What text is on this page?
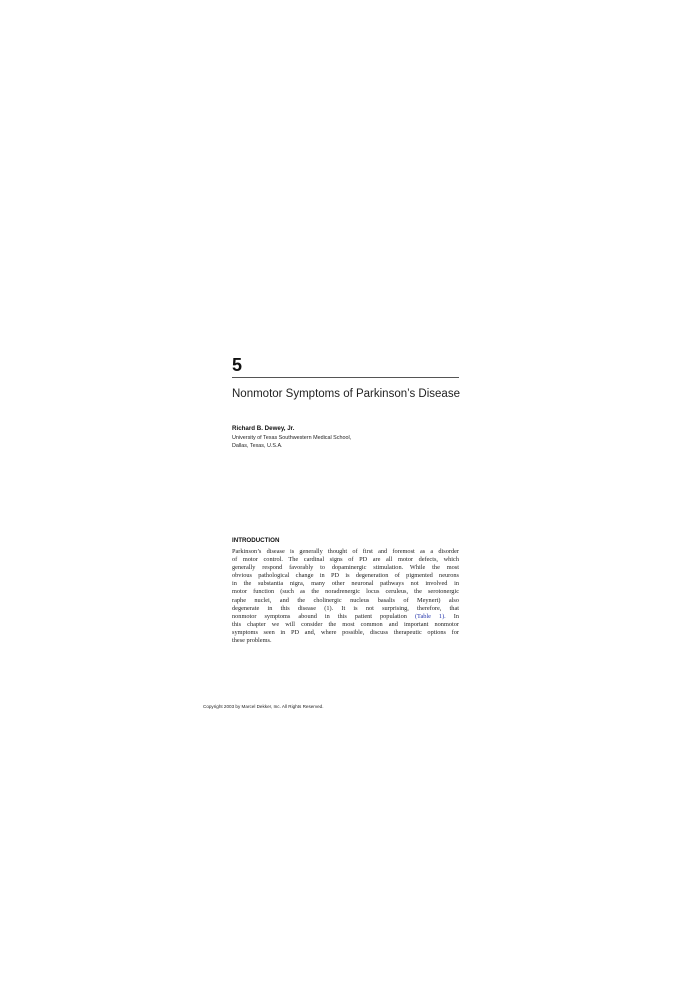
5
Nonmotor Symptoms of Parkinson’s Disease
Richard B. Dewey, Jr.
University of Texas Southwestern Medical School,
Dallas, Texas, U.S.A.
INTRODUCTION
Parkinson’s disease is generally thought of first and foremost as a disorder
of motor control. The cardinal signs of PD are all motor defects, which
generally respond favorably to dopaminergic stimulation. While the most
obvious pathological change in PD is degeneration of pigmented neurons
in the substantia nigra, many other neuronal pathways not involved in
motor function (such as the noradrenergic locus ceruleus, the serotonergic
raphe nuclei, and the cholinergic nucleus basalis of Meynert) also
degenerate in this disease (1). It is not surprising, therefore, that
nonmotor symptoms abound in this patient population (Table 1). In
this chapter we will consider the most common and important nonmotor
symptoms seen in PD and, where possible, discuss therapeutic options for
these problems.
Copyright 2003 by Marcel Dekker, Inc. All Rights Reserved.
